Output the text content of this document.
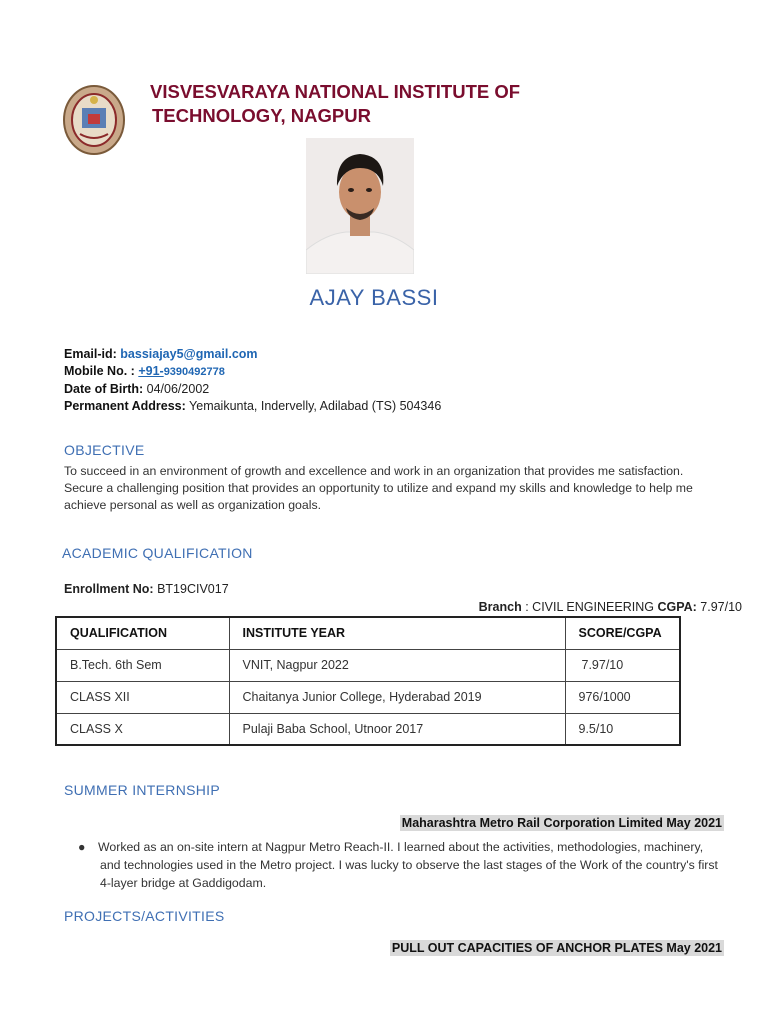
VISVESVARAYA NATIONAL INSTITUTE OF
TECHNOLOGY, NAGPUR
AJAY BASSI
Email-id: bassiajay5@gmail.com
Mobile No. : +91-9390492778
Date of Birth: 04/06/2002
Permanent Address: Yemaikunta, Indervelly, Adilabad (TS) 504346
OBJECTIVE
To succeed in an environment of growth and excellence and work in an organization that provides me satisfaction. Secure a challenging position that provides an opportunity to utilize and expand my skills and knowledge to help me achieve personal as well as organization goals.
ACADEMIC QUALIFICATION
Enrollment No: BT19CIV017
Branch : CIVIL ENGINEERING CGPA: 7.97/10
QUALIFICATION	INSTITUTE YEAR	SCORE/CGPA
B.Tech. 6th Sem	VNIT, Nagpur 2022	7.97/10
CLASS XII	Chaitanya Junior College, Hyderabad 2019	976/1000
CLASS X	Pulaji Baba School, Utnoor 2017	9.5/10
SUMMER INTERNSHIP
Maharashtra Metro Rail Corporation Limited May 2021
●	Worked as an on-site intern at Nagpur Metro Reach-II. I learned about the activities, methodologies, machinery, and technologies used in the Metro project. I was lucky to observe the last stages of the Work of the country's first 4-layer bridge at Gaddigodam.
PROJECTS/ACTIVITIES
PULL OUT CAPACITIES OF ANCHOR PLATES May 2021
